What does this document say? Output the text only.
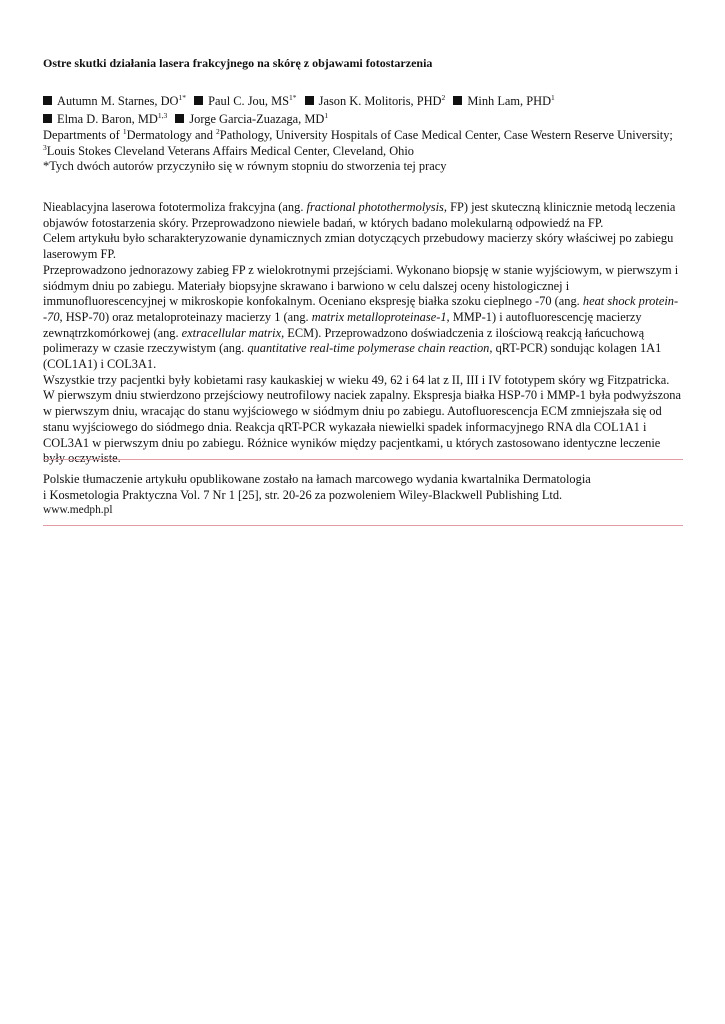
Ostre skutki działania lasera frakcyjnego na skórę z objawami fotostarzenia
Autumn M. Starnes, $DO^{1*}$ Paul C. Jou, $MS^{1*}$ Jason K. Molitoris, PHD$^2$ Minh Lam, PHD$^1$
Elma D. Baron, MD$^{1,3}$ Jorge Garcia-Zuazaga, $MD^1$
Departments of $^1$Dermatology and $^2$Pathology, University Hospitals of Case Medical Center, Case Western Reserve University; $^3$Louis Stokes Cleveland Veterans Affairs Medical Center, Cleveland, Ohio
*Tych dwóch autorów przyczyniło się w równym stopniu do stworzenia tej pracy

Nieablacyjna laserowa fototermoliza frakcyjna (ang. fractional photothermolysis, FP) jest skuteczną klinicznie metodą leczenia objawów fotostarzenia skóry. Przeprowadzono niewiele badań, w których badano molekularną odpowiedź na FP.

Celem artykułu było scharakteryzowanie dynamicznych zmian dotyczących przebudowy macierzy skóry właściwej po zabiegu laserowym FP.

Przeprowadzono jednorazowy zabieg FP z wielokrotnymi przejściami. Wykonano biopsję w stanie wyjściowym, w pierwszym i siódmym dniu po zabiegu. Materiały biopsyjne skrawano i barwiono w celu dalszej oceny histologicznej i immunofluorescencyjnej w mikroskopie konfokalnym. Oceniano ekspresję białka szoku cieplnego -70 (ang. heat shock protein--70, HSP-70) oraz metaloproteinazy macierzy 1 (ang. matrix metalloproteinase-1, MMP-1) i autofluorescencję macierzy zewnątrzkomórkowej (ang. extracellular matrix, ECM). Przeprowadzono doświadczenia z ilościową reakcją łańcuchową polimerazy w czasie rzeczywistym (ang. quantitative real-time polymerase chain reaction, qRT-PCR) sondując kolagen 1A1 (COL1A1) i COL3A1.

Wszystkie trzy pacjentki były kobietami rasy kaukaskiej w wieku 49, 62 i 64 lat z II, III i IV fototypem skóry wg Fitzpatricka. W pierwszym dniu stwierdzono przejściowy neutrofilowy naciek zapalny. Ekspresja białka HSP-70 i MMP-1 była podwyższona w pierwszym dniu, wracając do stanu wyjściowego w siódmym dniu po zabiegu. Autofluorescencja ECM zmniejszała się od stanu wyjściowego do siódmego dnia. Reakcja qRT-PCR wykazała niewielki spadek informacyjnego RNA dla COL1A1 i COL3A1 w pierwszym dniu po zabiegu. Różnice wyników między pacjentkami, u których zastosowano identyczne leczenie były oczywiste.

Polskie tłumaczenie artykułu opublikowane zostało na łamach marcowego wydania kwartalnika Dermatologia

i Kosmetologia Praktyczna Vol. 7 Nr 1 [25], str. 20-26 za pozwoleniem Wiley-Blackwell Publishing Ltd.

www.medph.pl
